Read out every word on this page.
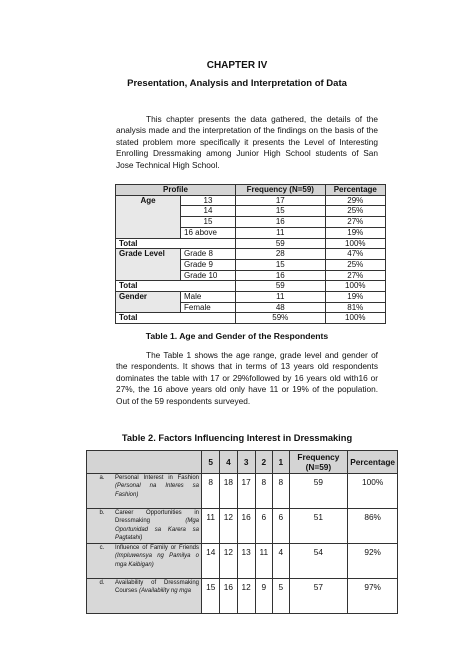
CHAPTER IV
Presentation, Analysis and Interpretation of Data
This chapter presents the data gathered, the details of the analysis made and the interpretation of the findings on the basis of the stated problem more specifically it presents the Level of Interesting Enrolling Dressmaking among Junior High School students of San Jose Technical High School.
Profile		Frequency (N=59)	Percentage
Age	13	17	29%
	14	15	25%
	15	16	27%
	16 above	11	19%
Total		59	100%
Grade Level	Grade 8	28	47%
	Grade 9	15	25%
	Grade 10	16	27%
Total		59	100%
Gender	Male	11	19%
	Female	48	81%
Total		59%	100%
Table 1. Age and Gender of the Respondents
The Table 1 shows the age range, grade level and gender of the respondents. It shows that in terms of 13 years old respondents dominates the table with 17 or 29%followed by 16 years old with16 or 27%, the 16 above years old only have 11 or 19% of the population. Out of the 59 respondents surveyed.
Table 2. Factors Influencing Interest in Dressmaking
	5	4	3	2	1	Frequency (N=59)	Percentage
a. Personal Interest in Fashion (Personal na Interes sa Fashion)	8	18	17	8	8	59	100%
b. Career Opportunities in Dressmaking (Mga Oportunidad sa Karera sa Pagtatahi)	11	12	16	6	6	51	86%
c. Influence of Family or Friends (Impluwensya ng Pamilya o mga Kaibigan)	14	12	13	11	4	54	92%
d. Availability of Dressmaking Courses (Availability ng mga	15	16	12	9	5	57	97%
